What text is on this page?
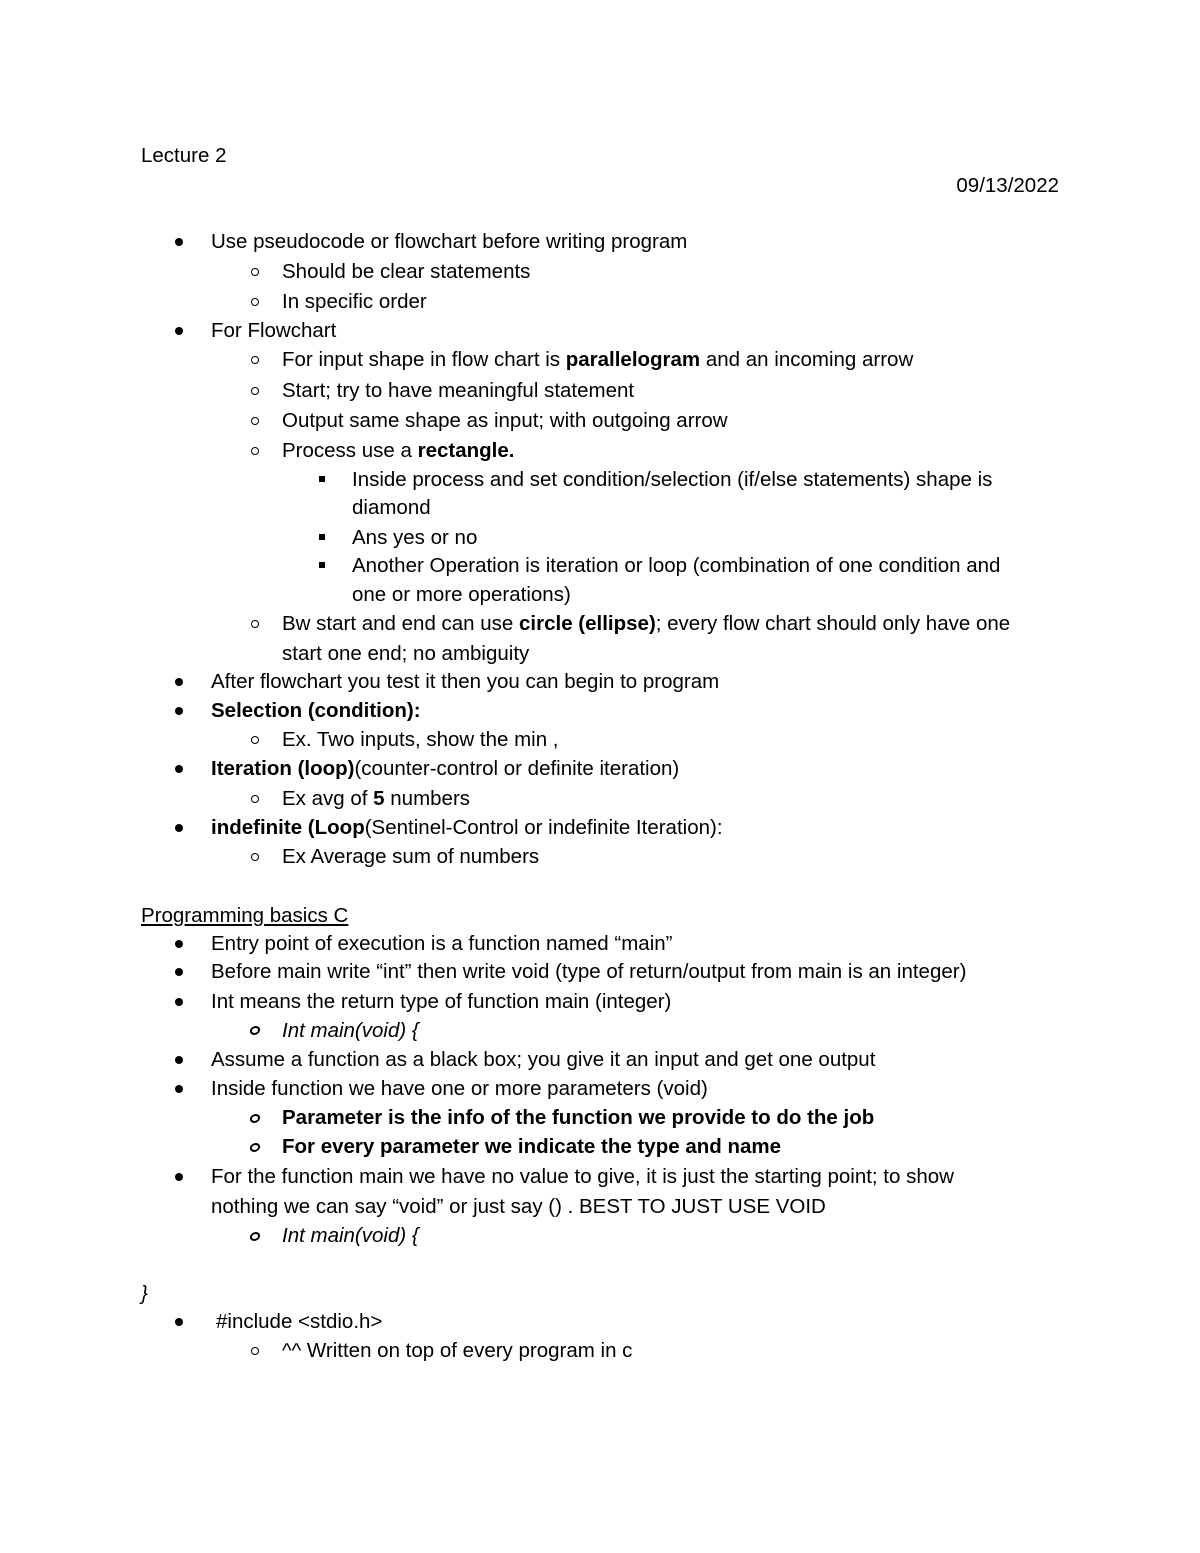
Lecture 2
09/13/2022
Use pseudocode or flowchart before writing program
Should be clear statements
In specific order
For Flowchart
For input shape in flow chart is parallelogram and an incoming arrow
Start; try to have meaningful statement
Output same shape as input; with outgoing arrow
Process use a rectangle.
Inside process and set condition/selection (if/else statements) shape is
diamond
Ans yes or no
Another Operation is iteration or loop (combination of one condition and
one or more operations)
Bw start and end can use circle (ellipse); every flow chart should only have one
start one end; no ambiguity
After flowchart you test it then you can begin to program
Selection (condition):
Ex. Two inputs, show the min ,
Iteration (loop)(counter-control or definite iteration)
Ex avg of 5 numbers
indefinite (Loop(Sentinel-Control or indefinite Iteration):
Ex Average sum of numbers
Programming basics C
Entry point of execution is a function named “main”
Before main write “int” then write void (type of return/output from main is an integer)
Int means the return type of function main (integer)
Int main(void) {
Assume a function as a black box; you give it an input and get one output
Inside function we have one or more parameters (void)
Parameter is the info of the function we provide to do the job
For every parameter we indicate the type and name
For the function main we have no value to give, it is just the starting point; to show
nothing we can say “void” or just say () . BEST TO JUST USE VOID
Int main(void) {
}
#include <stdio.h>
^^ Written on top of every program in c
